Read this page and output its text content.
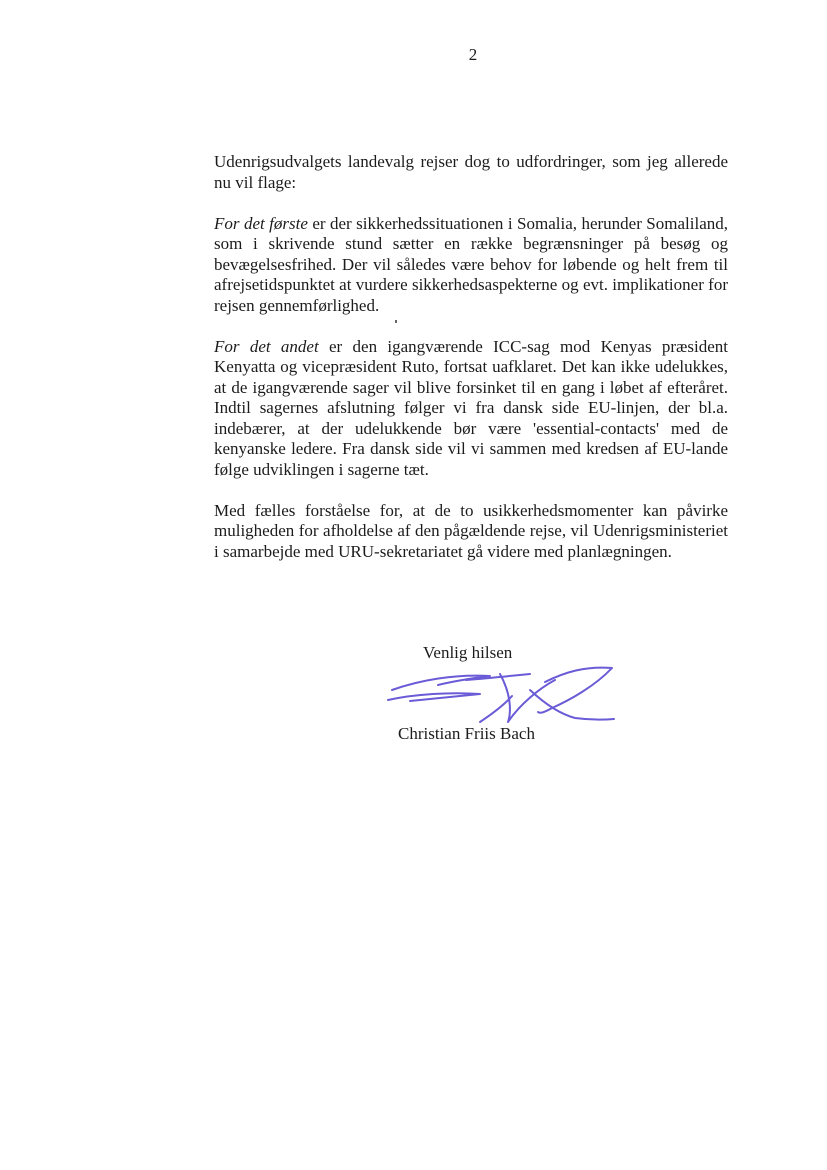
2

Udenrigsudvalgets landevalg rejser dog to udfordringer, som jeg allerede nu vil flage:

For det første er der sikkerhedssituationen i Somalia, herunder Somaliland, som i skrivende stund sætter en række begrænsninger på besøg og bevægelsesfrihed. Der vil således være behov for løbende og helt frem til afrejsetidspunktet at vurdere sikkerhedsaspekterne og evt. implikationer for rejsen gennemførlighed.

For det andet er den igangværende ICC-sag mod Kenyas præsident Kenyatta og vicepræsident Ruto, fortsat uafklaret. Det kan ikke udelukkes, at de igangværende sager vil blive forsinket til en gang i løbet af efteråret. Indtil sagernes afslutning følger vi fra dansk side EU-linjen, der bl.a. indebærer, at der udelukkende bør være 'essential-contacts' med de kenyanske ledere. Fra dansk side vil vi sammen med kredsen af EU-lande følge udviklingen i sagerne tæt.

Med fælles forståelse for, at de to usikkerhedsmomenter kan påvirke muligheden for afholdelse af den pågældende rejse, vil Udenrigsministeriet i samarbejde med URU-sekretariatet gå videre med planlægningen.

Venlig hilsen
Christian Friis Bach
